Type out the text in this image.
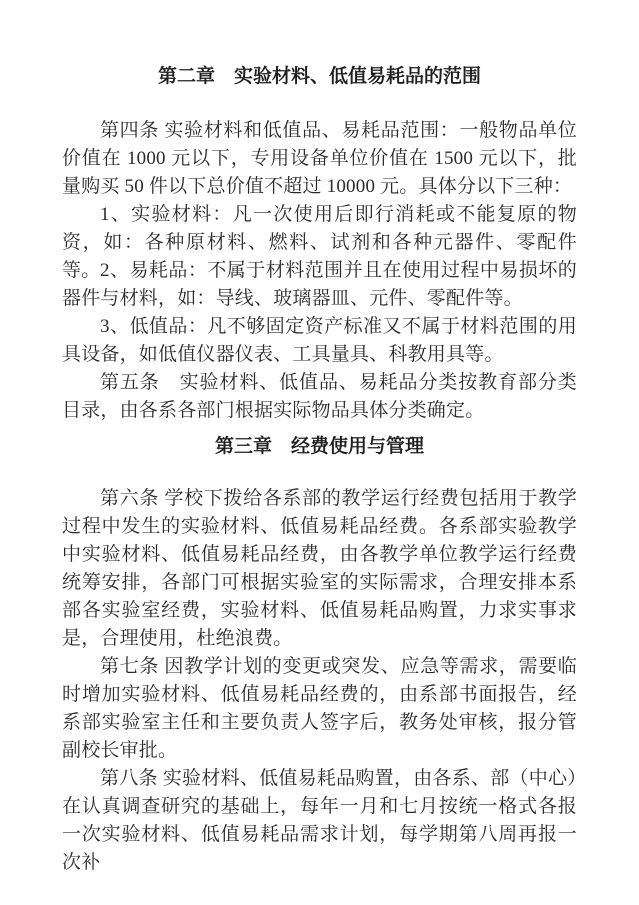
第二章　实验材料、低值易耗品的范围

第四条 实验材料和低值品、易耗品范围：一般物品单位价值在 1000 元以下，专用设备单位价值在 1500 元以下，批量购买 50 件以下总价值不超过 10000 元。具体分以下三种：

1、实验材料：凡一次使用后即行消耗或不能复原的物资，如：各种原材料、燃料、试剂和各种元器件、零配件等。 2、易耗品：不属于材料范围并且在使用过程中易损坏的器件与材料，如：导线、玻璃器皿、元件、零配件等。

3、低值品：凡不够固定资产标准又不属于材料范围的用具设备，如低值仪器仪表、工具量具、科教用具等。

第五条　实验材料、低值品、易耗品分类按教育部分类目录，由各系各部门根据实际物品具体分类确定。

第三章　经费使用与管理

第六条 学校下拨给各系部的教学运行经费包括用于教学过程中发生的实验材料、低值易耗品经费。各系部实验教学中实验材料、低值易耗品经费，由各教学单位教学运行经费统筹安排，各部门可根据实验室的实际需求，合理安排本系部各实验室经费，实验材料、低值易耗品购置，力求实事求是，合理使用，杜绝浪费。

第七条 因教学计划的变更或突发、应急等需求，需要临时增加实验材料、低值易耗品经费的，由系部书面报告，经系部实验室主任和主要负责人签字后，教务处审核，报分管副校长审批。

第八条 实验材料、低值易耗品购置，由各系、部（中心）在认真调查研究的基础上，每年一月和七月按统一格式各报一次实验材料、低值易耗品需求计划，每学期第八周再报一次补
